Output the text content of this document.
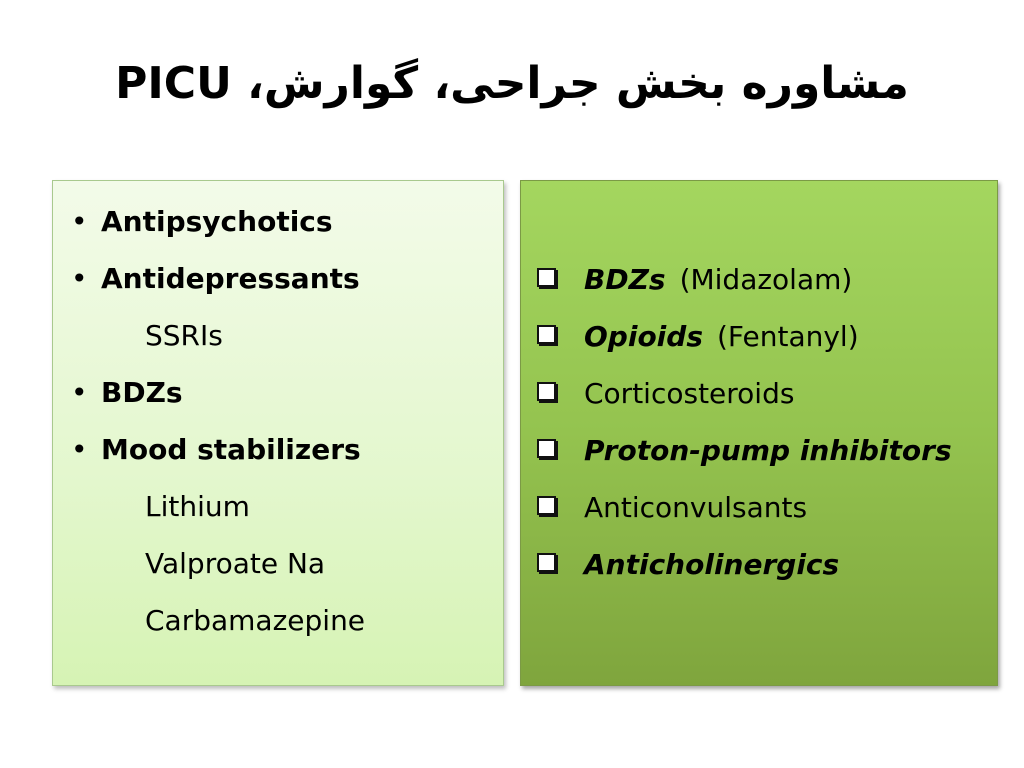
مشاوره بخش جراحی، گوارش، PICU
• Antipsychotics
• Antidepressants
SSRIs
• BDZs
• Mood stabilizers
Lithium
Valproate Na
Carbamazepine
BDZs (Midazolam)
Opioids (Fentanyl)
Corticosteroids
Proton-pump inhibitors
Anticonvulsants
Anticholinergics
